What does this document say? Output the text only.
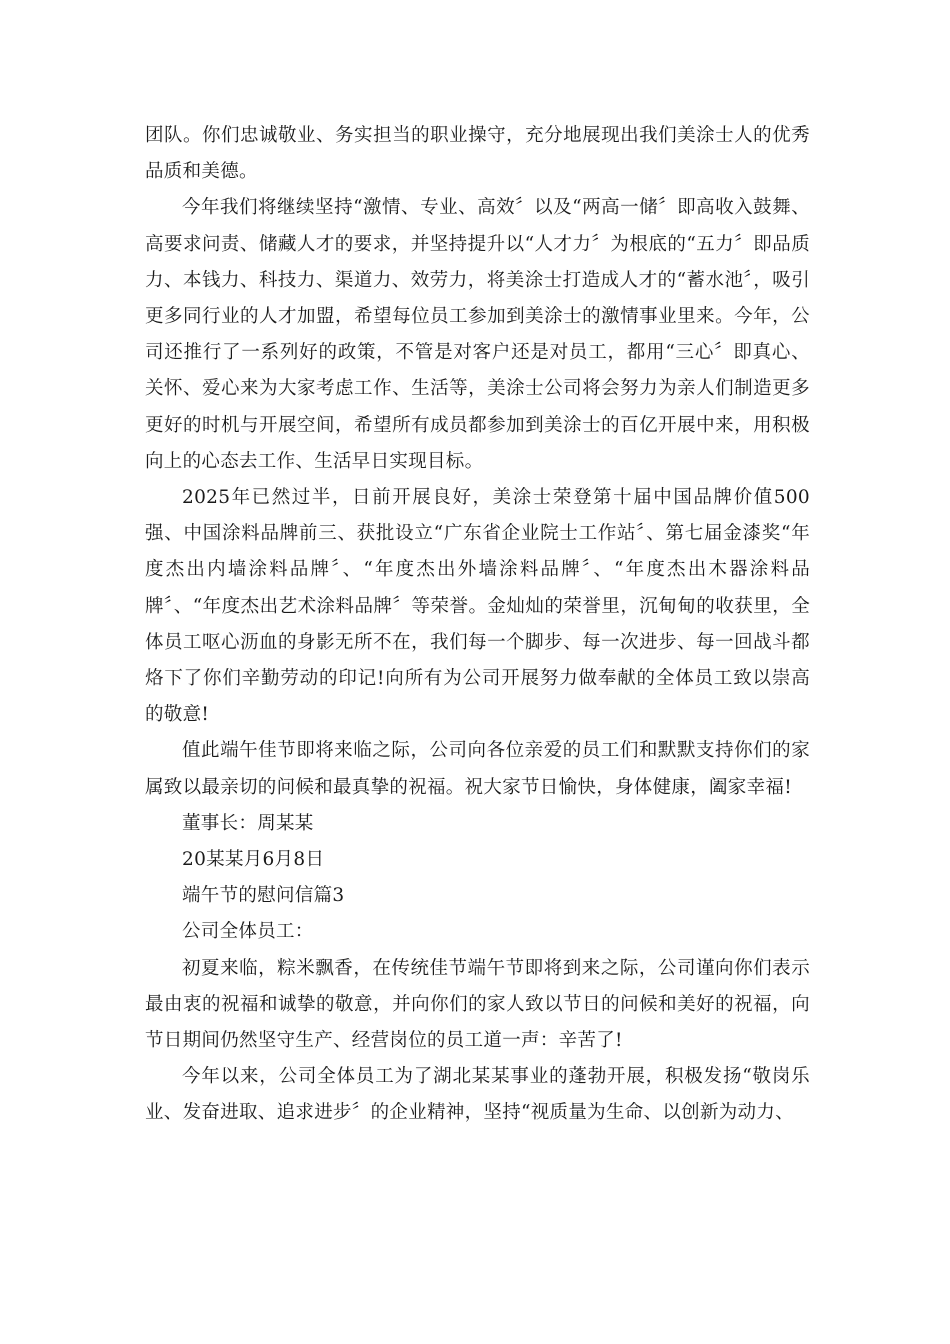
团队。你们忠诚敬业、务实担当的职业操守，充分地展现出我们美涂士人的优秀品质和美德。

今年我们将继续坚持“激情、专业、高效〞以及“两高一储〞即高收入鼓舞、高要求问责、储藏人才的要求，并坚持提升以“人才力〞为根底的“五力〞即品质力、本钱力、科技力、渠道力、效劳力，将美涂士打造成人才的“蓄水池〞，吸引更多同行业的人才加盟，希望每位员工参加到美涂士的激情事业里来。今年，公司还推行了一系列好的政策，不管是对客户还是对员工，都用“三心〞即真心、关怀、爱心来为大家考虑工作、生活等，美涂士公司将会努力为亲人们制造更多更好的时机与开展空间，希望所有成员都参加到美涂士的百亿开展中来，用积极向上的心态去工作、生活早日实现目标。

2025年已然过半，日前开展良好，美涂士荣登第十届中国品牌价值500强、中国涂料品牌前三、获批设立“广东省企业院士工作站〞、第七届金漆奖“年度杰出内墙涂料品牌〞、“年度杰出外墙涂料品牌〞、“年度杰出木器涂料品牌〞、“年度杰出艺术涂料品牌〞等荣誉。金灿灿的荣誉里，沉甸甸的收获里，全体员工呕心沥血的身影无所不在，我们每一个脚步、每一次进步、每一回战斗都烙下了你们辛勤劳动的印记!向所有为公司开展努力做奉献的全体员工致以崇高的敬意!

值此端午佳节即将来临之际，公司向各位亲爱的员工们和默默支持你们的家属致以最亲切的问候和最真挚的祝福。祝大家节日愉快，身体健康，阖家幸福!

董事长：周某某

20某某月6月8日

端午节的慰问信篇3

公司全体员工：

初夏来临，粽米飘香，在传统佳节端午节即将到来之际，公司谨向你们表示最由衷的祝福和诚挚的敬意，并向你们的家人致以节日的问候和美好的祝福，向节日期间仍然坚守生产、经营岗位的员工道一声：辛苦了!

今年以来，公司全体员工为了湖北某某事业的蓬勃开展，积极发扬“敬岗乐业、发奋进取、追求进步〞的企业精神，坚持“视质量为生命、以创新为动力、
